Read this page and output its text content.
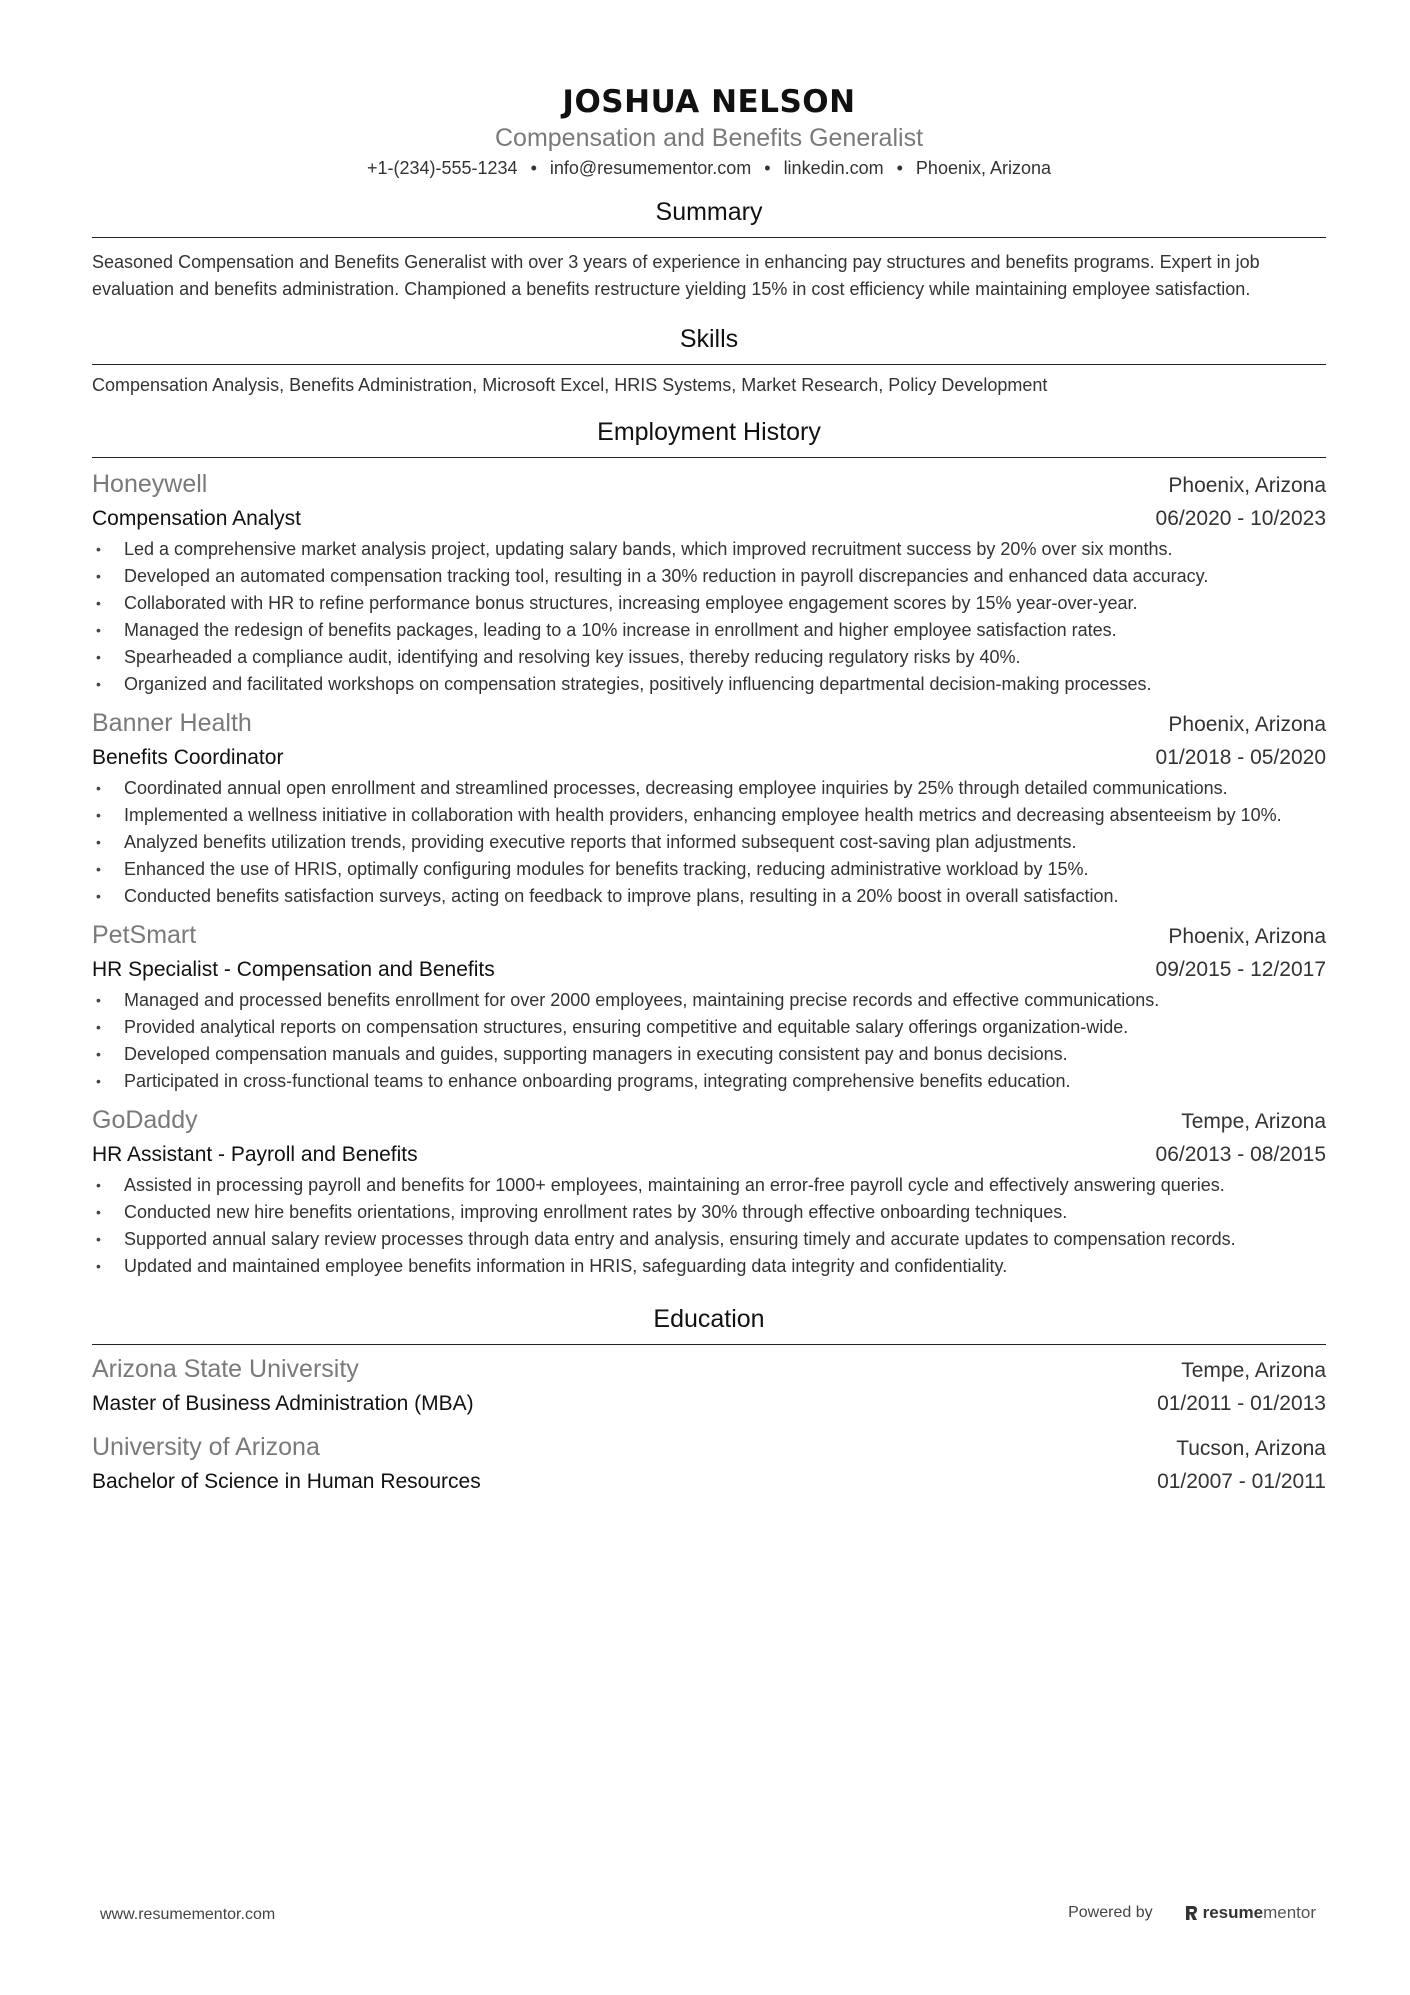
JOSHUA NELSON
Compensation and Benefits Generalist
+1-(234)-555-1234 • info@resumementor.com • linkedin.com • Phoenix, Arizona
Summary
Seasoned Compensation and Benefits Generalist with over 3 years of experience in enhancing pay structures and benefits programs. Expert in job evaluation and benefits administration. Championed a benefits restructure yielding 15% in cost efficiency while maintaining employee satisfaction.
Skills
Compensation Analysis, Benefits Administration, Microsoft Excel, HRIS Systems, Market Research, Policy Development
Employment History
Honeywell	Phoenix, Arizona
Compensation Analyst	06/2020 - 10/2023
• Led a comprehensive market analysis project, updating salary bands, which improved recruitment success by 20% over six months.
• Developed an automated compensation tracking tool, resulting in a 30% reduction in payroll discrepancies and enhanced data accuracy.
• Collaborated with HR to refine performance bonus structures, increasing employee engagement scores by 15% year-over-year.
• Managed the redesign of benefits packages, leading to a 10% increase in enrollment and higher employee satisfaction rates.
• Spearheaded a compliance audit, identifying and resolving key issues, thereby reducing regulatory risks by 40%.
• Organized and facilitated workshops on compensation strategies, positively influencing departmental decision-making processes.
Banner Health	Phoenix, Arizona
Benefits Coordinator	01/2018 - 05/2020
• Coordinated annual open enrollment and streamlined processes, decreasing employee inquiries by 25% through detailed communications.
• Implemented a wellness initiative in collaboration with health providers, enhancing employee health metrics and decreasing absenteeism by 10%.
• Analyzed benefits utilization trends, providing executive reports that informed subsequent cost-saving plan adjustments.
• Enhanced the use of HRIS, optimally configuring modules for benefits tracking, reducing administrative workload by 15%.
• Conducted benefits satisfaction surveys, acting on feedback to improve plans, resulting in a 20% boost in overall satisfaction.
PetSmart	Phoenix, Arizona
HR Specialist - Compensation and Benefits	09/2015 - 12/2017
• Managed and processed benefits enrollment for over 2000 employees, maintaining precise records and effective communications.
• Provided analytical reports on compensation structures, ensuring competitive and equitable salary offerings organization-wide.
• Developed compensation manuals and guides, supporting managers in executing consistent pay and bonus decisions.
• Participated in cross-functional teams to enhance onboarding programs, integrating comprehensive benefits education.
GoDaddy	Tempe, Arizona
HR Assistant - Payroll and Benefits	06/2013 - 08/2015
• Assisted in processing payroll and benefits for 1000+ employees, maintaining an error-free payroll cycle and effectively answering queries.
• Conducted new hire benefits orientations, improving enrollment rates by 30% through effective onboarding techniques.
• Supported annual salary review processes through data entry and analysis, ensuring timely and accurate updates to compensation records.
• Updated and maintained employee benefits information in HRIS, safeguarding data integrity and confidentiality.
Education
Arizona State University	Tempe, Arizona
Master of Business Administration (MBA)	01/2011 - 01/2013
University of Arizona	Tucson, Arizona
Bachelor of Science in Human Resources	01/2007 - 01/2011
www.resumementor.com	Powered by	resume mentor
